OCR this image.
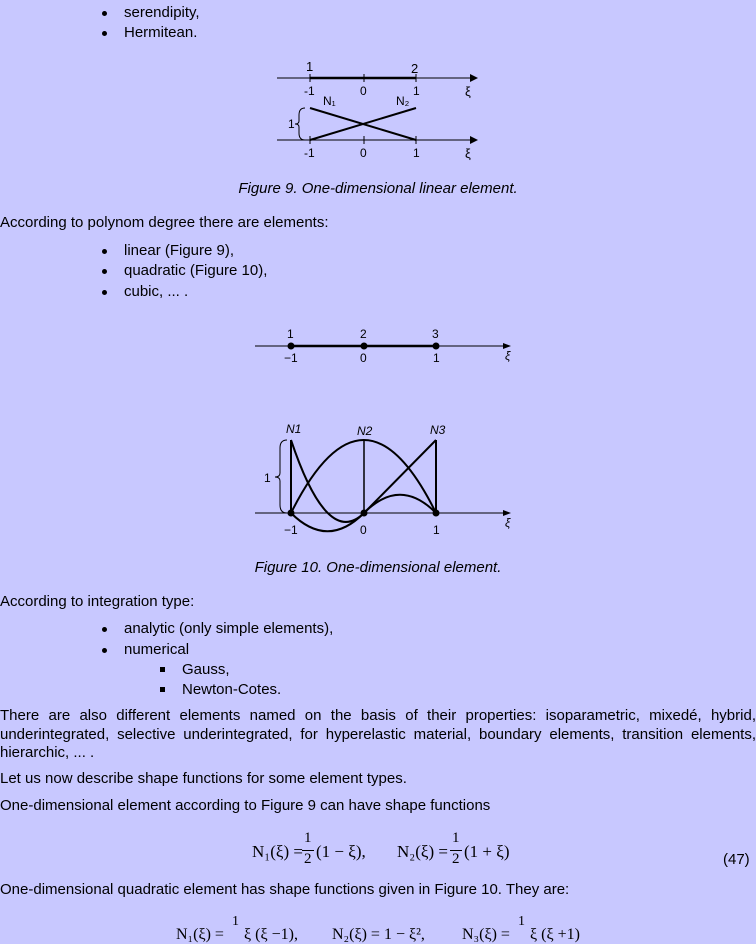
serendipity,
Hermitean.
1	2
-1	0	1	ξ
-1	0	1	ξ
N₁	N₂
1
Figure 9. One-dimensional linear element.
According to polynom degree there are elements:
linear (Figure 9),
quadratic (Figure 10),
cubic, ... .
1	2	3
−1	0	1	ξ
−1	0	1	ξ
N1	N2	N3
1
Figure 10. One-dimensional element.
According to integration type:
analytic (only simple elements),
numerical
Gauss,
Newton-Cotes.
There are also different elements named on the basis of their properties: isoparametric, mixedé, hybrid, underintegrated, selective underintegrated, for hyperelastic material, boundary elements, transition elements, hierarchic, ... .
Let us now describe shape functions for some element types.
One-dimensional element according to Figure 9 can have shape functions
N₁(ξ) =
1
2 (1 − ξ), N₂(ξ) =
1
2 (1 + ξ)	(47)
One-dimensional quadratic element has shape functions given in Figure 10. They are:
N₁(ξ) =
1
ξ (ξ −1), N₂(ξ) = 1 − ξ², N₃(ξ) =
1
ξ (ξ +1)
